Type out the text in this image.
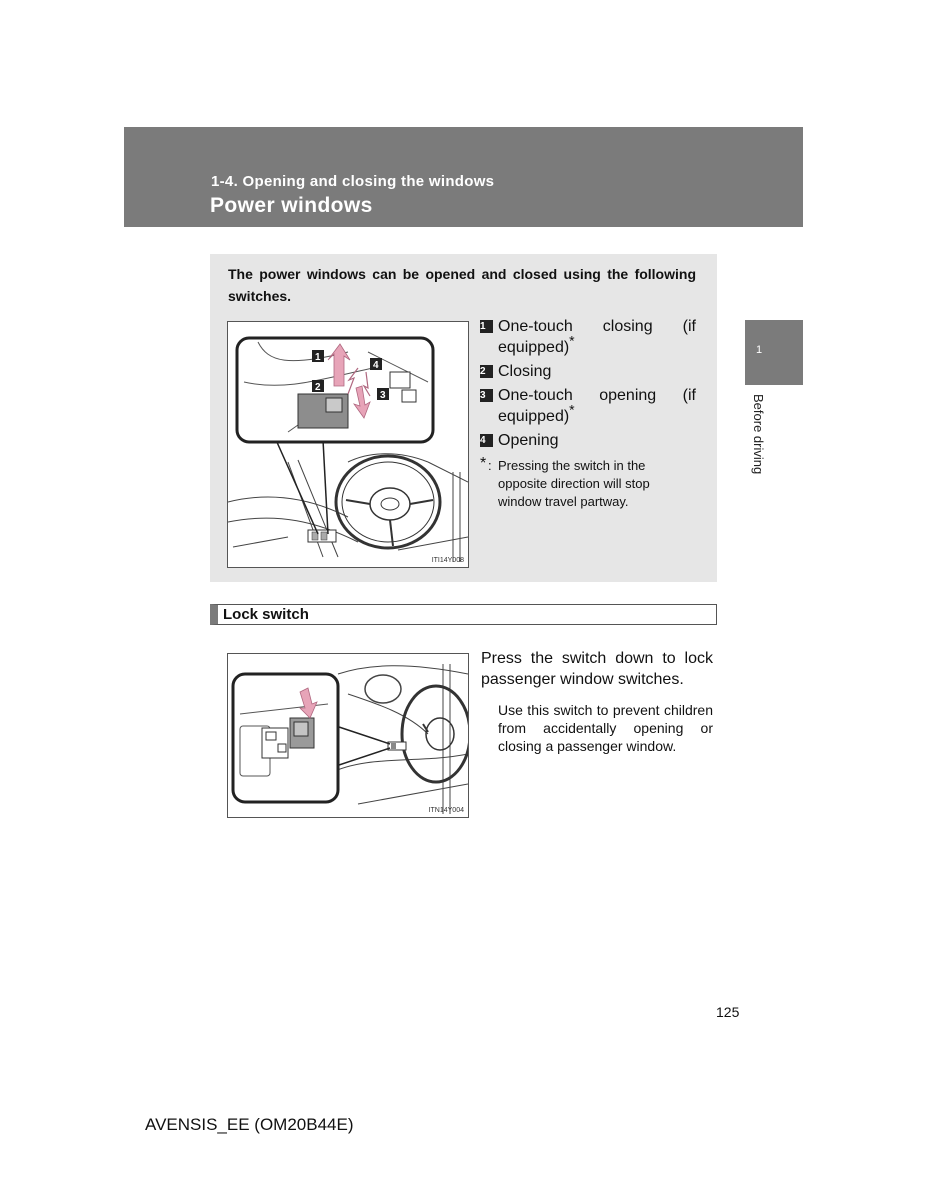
1-4. Opening and closing the windows
Power windows
1
Before driving
The power windows can be opened and closed using the following switches.
1
2
4
3
ITI14Y008
1 One-touch closing (if equipped)*
2 Closing
3 One-touch opening (if equipped)*
4 Opening
* : Pressing the switch in the opposite direction will stop window travel partway.
Lock switch
ITN14Y004
Press the switch down to lock passenger window switches.
Use this switch to prevent children from accidentally opening or closing a passenger window.
125
AVENSIS_EE (OM20B44E)
